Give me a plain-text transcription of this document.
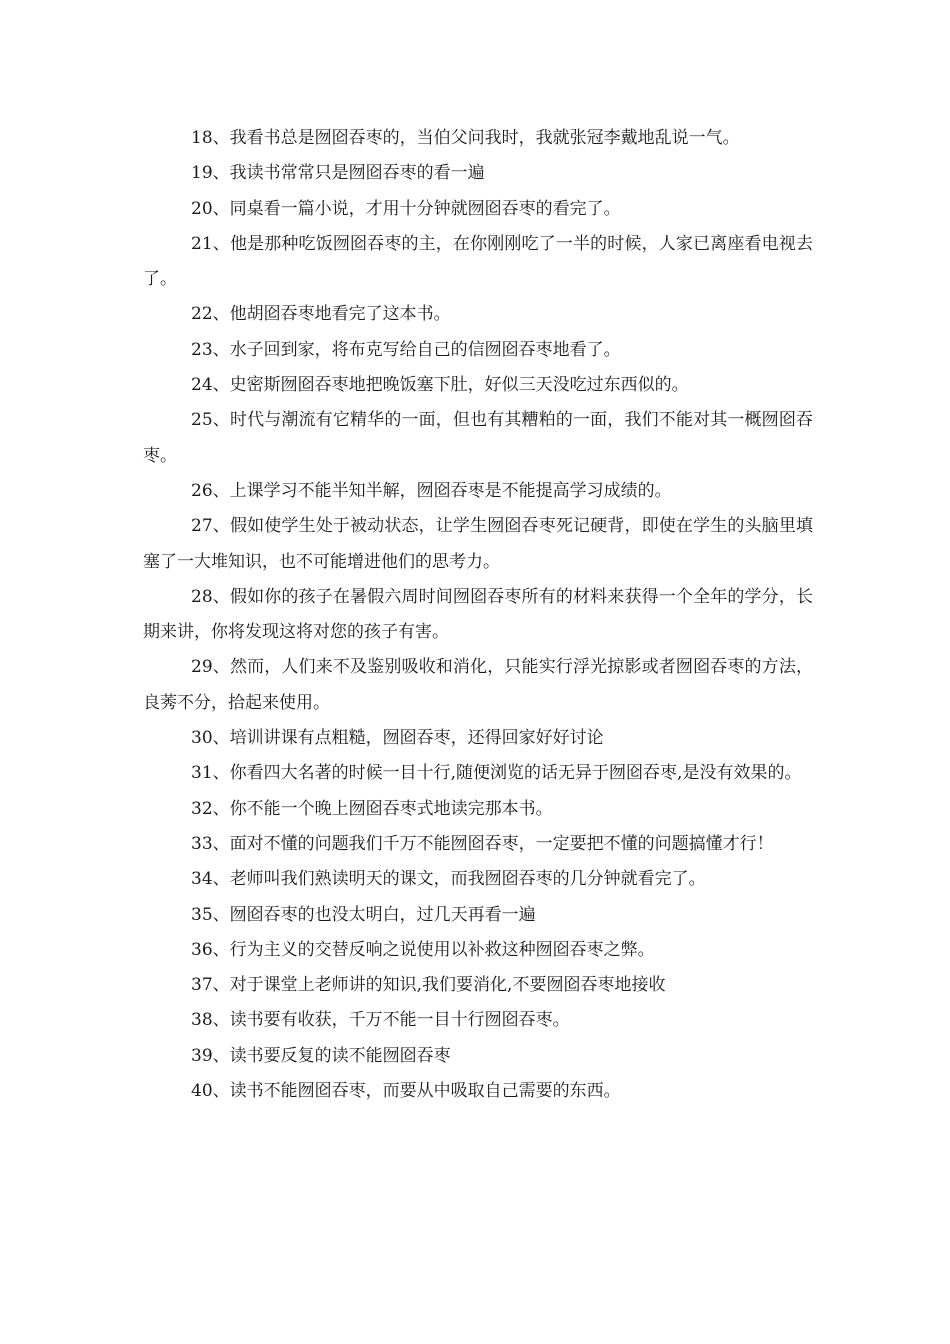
18、我看书总是囫囵吞枣的，当伯父问我时，我就张冠李戴地乱说一气。

19、我读书常常只是囫囵吞枣的看一遍

20、同桌看一篇小说，才用十分钟就囫囵吞枣的看完了。

21、他是那种吃饭囫囵吞枣的主，在你刚刚吃了一半的时候，人家已离座看电视去了。

22、他胡囵吞枣地看完了这本书。

23、水子回到家，将布克写给自己的信囫囵吞枣地看了。

24、史密斯囫囵吞枣地把晚饭塞下肚，好似三天没吃过东西似的。

25、时代与潮流有它精华的一面，但也有其糟粕的一面，我们不能对其一概囫囵吞枣。

26、上课学习不能半知半解，囫囵吞枣是不能提高学习成绩的。

27、假如使学生处于被动状态，让学生囫囵吞枣死记硬背，即使在学生的头脑里填塞了一大堆知识，也不可能增进他们的思考力。

28、假如你的孩子在暑假六周时间囫囵吞枣所有的材料来获得一个全年的学分，长期来讲，你将发现这将对您的孩子有害。

29、然而，人们来不及鉴别吸收和消化，只能实行浮光掠影或者囫囵吞枣的方法，良莠不分，拾起来使用。

30、培训讲课有点粗糙，囫囵吞枣，还得回家好好讨论

31、你看四大名著的时候一目十行,随便浏览的话无异于囫囵吞枣,是没有效果的。

32、你不能一个晚上囫囵吞枣式地读完那本书。

33、面对不懂的问题我们千万不能囫囵吞枣，一定要把不懂的问题搞懂才行！

34、老师叫我们熟读明天的课文，而我囫囵吞枣的几分钟就看完了。

35、囫囵吞枣的也没太明白，过几天再看一遍

36、行为主义的交替反响之说使用以补救这种囫囵吞枣之弊。

37、对于课堂上老师讲的知识,我们要消化,不要囫囵吞枣地接收

38、读书要有收获，千万不能一目十行囫囵吞枣。

39、读书要反复的读不能囫囵吞枣

40、读书不能囫囵吞枣，而要从中吸取自己需要的东西。
